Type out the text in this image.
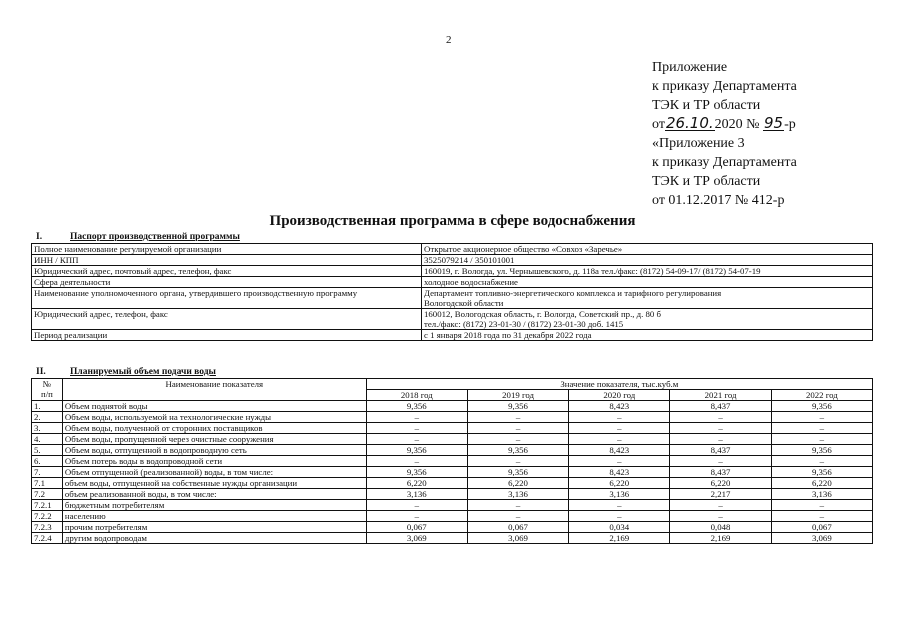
2
Приложение
к приказу Департамента
ТЭК и ТР области
от26.10.2020 № 95-р
«Приложение 3
к приказу Департамента
ТЭК и ТР области
от 01.12.2017 № 412-р
Производственная программа в сфере водоснабжения
I.	Паспорт производственной программы
Полное наименование регулируемой организации	Открытое акционерное общество «Совхоз «Заречье»

ИНН / КПП	3525079214 / 350101001

Юридический адрес, почтовый адрес, телефон, факс	160019, г. Вологда, ул. Чернышевского, д. 118а тел./факс: (8172) 54-09-17/ (8172) 54-07-19

Сфера деятельности	холодное водоснабжение

Наименование уполномоченного органа, утвердившего производственную программу	Департамент топливно-энергетического комплекса и тарифного регулирования
Вологодской области

Юридический адрес, телефон, факс	160012, Вологодская область, г. Вологда, Советский пр., д. 80 б
тел./факс: (8172) 23-01-30 / (8172) 23-01-30 доб. 1415

Период реализации	с 1 января 2018 года по 31 декабря 2022 года
II.	Планируемый объем подачи воды
№
п/п	Наименование показателя	Значение показателя, тыс.куб.м				
		2018 год	2019 год	2020 год	2021 год	2022 год
1.	Объем поднятой воды	9,356	9,356	8,423	8,437	9,356
2.	Объем воды, используемой на технологические нужды	–	–	–	–	–
3.	Объем воды, полученной от сторонних поставщиков	–	–	–	–	–
4.	Объем воды, пропущенной через очистные сооружения	–	–	–	–	–
5.	Объем воды, отпущенной в водопроводную сеть	9,356	9,356	8,423	8,437	9,356
6.	Объем потерь воды в водопроводной сети	–	–	–	–	–
7.	Объем отпущенной (реализованной) воды, в том числе:	9,356	9,356	8,423	8,437	9,356
7.1	объем воды, отпущенной на собственные нужды организации	6,220	6,220	6,220	6,220	6,220
7.2	объем реализованной воды, в том числе:	3,136	3,136	3,136	2,217	3,136
7.2.1	бюджетным потребителям	–	–	–	–	–
7.2.2	населению	–	–	–	–	–
7.2.3	прочим потребителям	0,067	0,067	0,034	0,048	0,067
7.2.4	другим водопроводам	3,069	3,069	2,169	2,169	3,069
